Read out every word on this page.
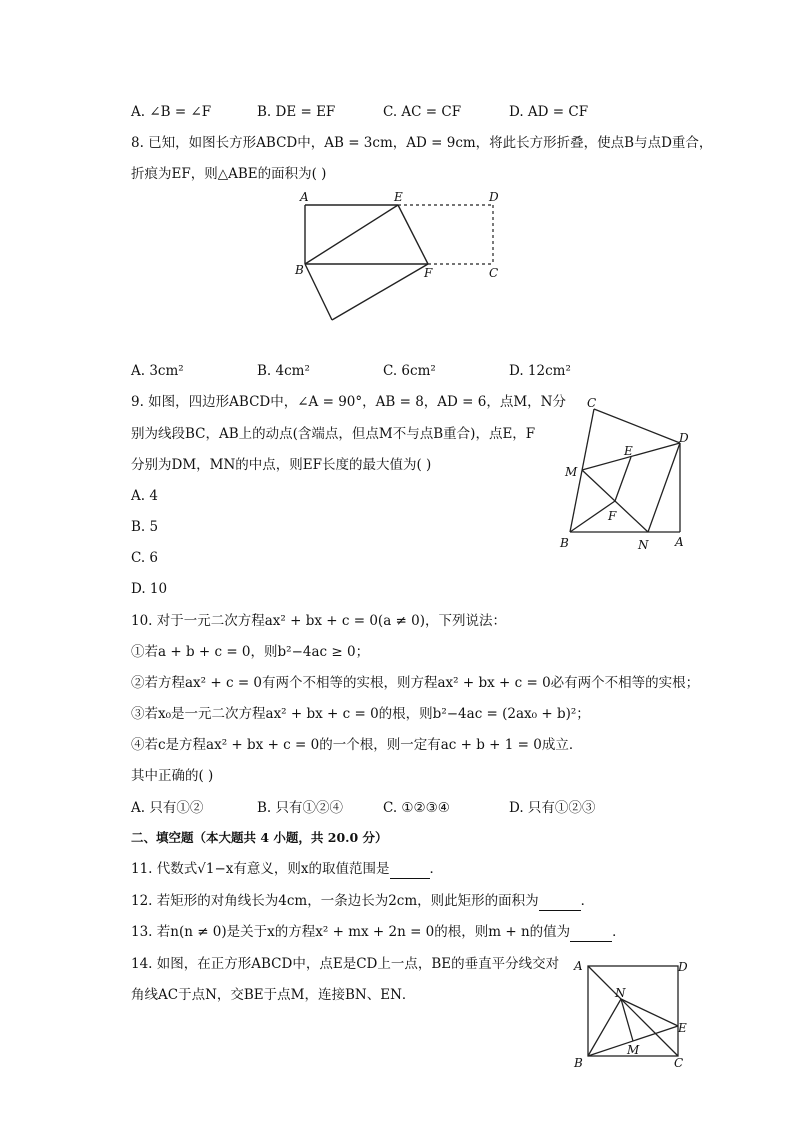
A. ∠B = ∠F	B. DE = EF	C. AC = CF	D. AD = CF
8. 已知，如图长方形ABCD中，AB = 3cm，AD = 9cm，将此长方形折叠，使点B与点D重合，
折痕为EF，则△ABE的面积为( )
A	E	D
B	F	C
A. 3cm²	B. 4cm²	C. 6cm²	D. 12cm²
9. 如图，四边形ABCD中，∠A = 90°，AB = 8，AD = 6，点M，N分
别为线段BC，AB上的动点(含端点，但点M不与点B重合)，点E，F
分别为DM，MN的中点，则EF长度的最大值为( )
A. 4
B. 5
C. 6
D. 10
C
D
E
M
F
B	N A
10. 对于一元二次方程ax² + bx + c = 0(a ≠ 0)，下列说法：
①若a + b + c = 0，则b²−4ac ≥ 0；
②若方程ax² + c = 0有两个不相等的实根，则方程ax² + bx + c = 0必有两个不相等的实根；
③若x₀是一元二次方程ax² + bx + c = 0的根，则b²−4ac = (2ax₀ + b)²；
④若c是方程ax² + bx + c = 0的一个根，则一定有ac + b + 1 = 0成立．
其中正确的( )
A. 只有①②	B. 只有①②④	C. ①②③④	D. 只有①②③
二、填空题（本大题共 4 小题，共 20.0 分）
11. 代数式√1−x有意义，则x的取值范围是	．
12. 若矩形的对角线长为4cm，一条边长为2cm，则此矩形的面积为	．
13. 若n(n ≠ 0)是关于x的方程x² + mx + 2n = 0的根，则m + n的值为	．
14. 如图，在正方形ABCD中，点E是CD上一点，BE的垂直平分线交对
角线AC于点N，交BE于点M，连接BN、EN．
A	D
N
E
M
B	C
